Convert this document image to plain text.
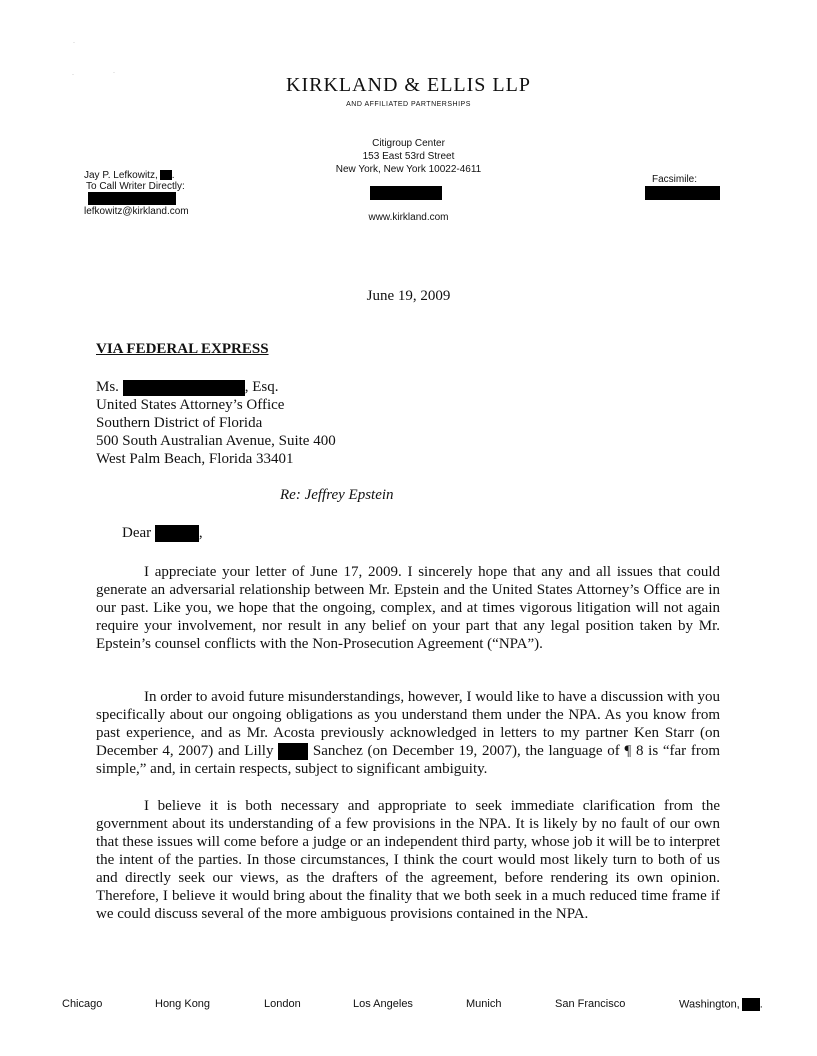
·
·	·
KIRKLAND & ELLIS LLP
AND AFFILIATED PARTNERSHIPS
Citigroup Center
153 East 53rd Street
New York, New York 10022-4611
www.kirkland.com
Jay P. Lefkowitz, .
To Call Writer Directly:
lefkowitz@kirkland.com
Facsimile:
June 19, 2009
VIA FEDERAL EXPRESS
Ms.	, Esq.
United States Attorney’s Office
Southern District of Florida
500 South Australian Avenue, Suite 400
West Palm Beach, Florida 33401
Re: Jeffrey Epstein
Dear	,
I appreciate your letter of June 17, 2009. I sincerely hope that any and all issues that could generate an adversarial relationship between Mr. Epstein and the United States Attorney’s Office are in our past. Like you, we hope that the ongoing, complex, and at times vigorous litigation will not again require your involvement, nor result in any belief on your part that any legal position taken by Mr. Epstein’s counsel conflicts with the Non-Prosecution Agreement (“NPA”).
In order to avoid future misunderstandings, however, I would like to have a discussion with you specifically about our ongoing obligations as you understand them under the NPA. As you know from past experience, and as Mr. Acosta previously acknowledged in letters to my partner Ken Starr (on December 4, 2007) and Lilly	Sanchez (on December 19, 2007), the language of ¶ 8 is “far from simple,” and, in certain respects, subject to significant ambiguity.
I believe it is both necessary and appropriate to seek immediate clarification from the government about its understanding of a few provisions in the NPA. It is likely by no fault of our own that these issues will come before a judge or an independent third party, whose job it will be to interpret the intent of the parties. In those circumstances, I think the court would most likely turn to both of us and directly seek our views, as the drafters of the agreement, before rendering its own opinion. Therefore, I believe it would bring about the finality that we both seek in a much reduced time frame if we could discuss several of the more ambiguous provisions contained in the NPA.
Chicago	Hong Kong	London	Los Angeles	Munich	San Francisco	Washington, .
